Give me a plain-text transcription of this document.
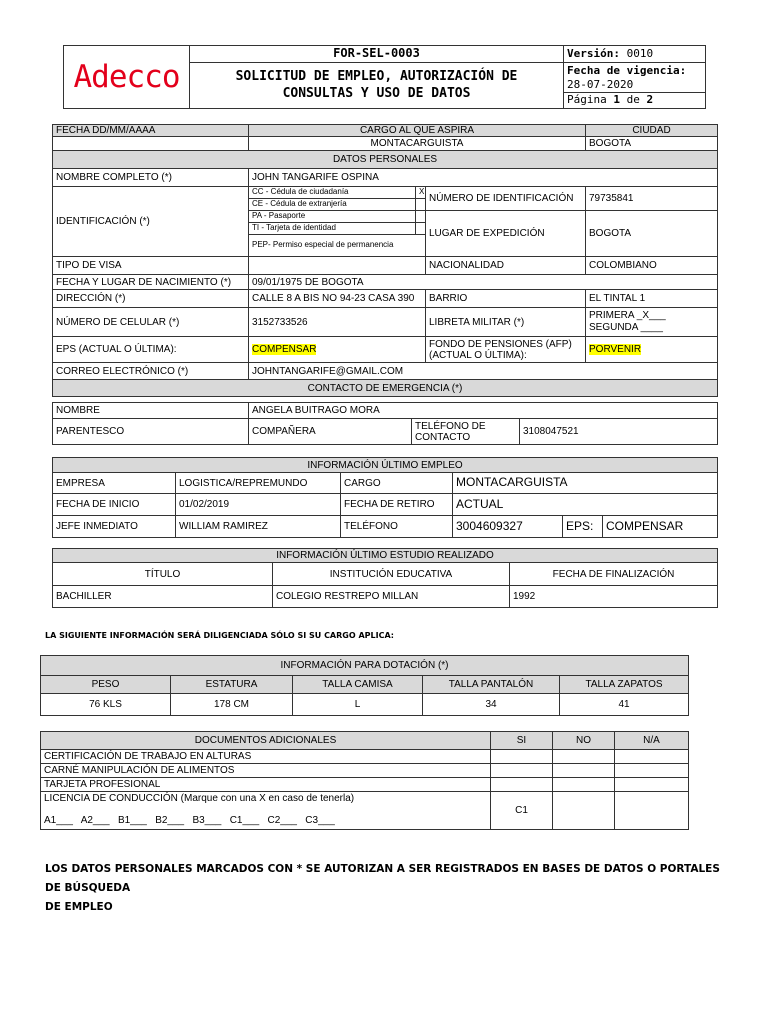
Adecco	FOR-SEL-0003	Versión: 0010
	SOLICITUD DE EMPLEO, AUTORIZACIÓN DE
CONSULTAS Y USO DE DATOS	Fecha de vigencia:
28-07-2020
		Página 1 de 2
FECHA DD/MM/AAAA	CARGO AL QUE ASPIRA			CIUDAD
	MONTACARGUISTA			BOGOTA
DATOS PERSONALES				
NOMBRE COMPLETO (*)	JOHN TANGARIFE OSPINA			
IDENTIFICACIÓN (*)	CC - Cédula de ciudadanía	X	NÚMERO DE IDENTIFICACIÓN	79735841
	CE - Cédula de extranjería			
	PA - Pasaporte		LUGAR DE EXPEDICIÓN	BOGOTA
	TI - Tarjeta de identidad			
	PEP- Permiso especial de permanencia			
TIPO DE VISA			NACIONALIDAD	COLOMBIANO
FECHA Y LUGAR DE NACIMIENTO (*)	09/01/1975 DE BOGOTA			
DIRECCIÓN (*)	CALLE 8 A BIS NO 94-23 CASA 390		BARRIO	EL TINTAL 1
NÚMERO DE CELULAR (*)	3152733526		LIBRETA MILITAR (*)	PRIMERA _X___
SEGUNDA ____
EPS (ACTUAL O ÚLTIMA):	COMPENSAR		FONDO DE PENSIONES (AFP)
(ACTUAL O ÚLTIMA):	PORVENIR
CORREO ELECTRÓNICO (*)	JOHNTANGARIFE@GMAIL.COM			
CONTACTO DE EMERGENCIA (*)				
NOMBRE	ANGELA BUITRAGO MORA		
PARENTESCO	COMPAÑERA	TELÉFONO DE
CONTACTO	3108047521
INFORMACIÓN ÚLTIMO EMPLEO					
EMPRESA	LOGISTICA/REPREMUNDO	CARGO	MONTACARGUISTA		
FECHA DE INICIO	01/02/2019	FECHA DE RETIRO	ACTUAL		
JEFE INMEDIATO	WILLIAM RAMIREZ	TELÉFONO	3004609327	EPS:	COMPENSAR
INFORMACIÓN ÚLTIMO ESTUDIO REALIZADO		
TÍTULO	INSTITUCIÓN EDUCATIVA	FECHA DE FINALIZACIÓN
BACHILLER	COLEGIO RESTREPO MILLAN	1992
LA SIGUIENTE INFORMACIÓN SERÁ DILIGENCIADA SÓLO SI SU CARGO APLICA:
INFORMACIÓN PARA DOTACIÓN (*)				
PESO	ESTATURA	TALLA CAMISA	TALLA PANTALÓN	TALLA ZAPATOS
76 KLS	178 CM	L	34	41
DOCUMENTOS ADICIONALES	SI	NO	N/A
CERTIFICACIÓN DE TRABAJO EN ALTURAS			
CARNÉ MANIPULACIÓN DE ALIMENTOS			
TARJETA PROFESIONAL			

LICENCIA DE CONDUCCIÓN (Marque con una X en caso de tenerla)
A1___   A2___   B1___   B2___   B3___   C1___   C2___   C3___	C1		
LOS DATOS PERSONALES MARCADOS CON * SE AUTORIZAN A SER REGISTRADOS EN BASES DE DATOS O PORTALES DE BÚSQUEDA
DE EMPLEO
